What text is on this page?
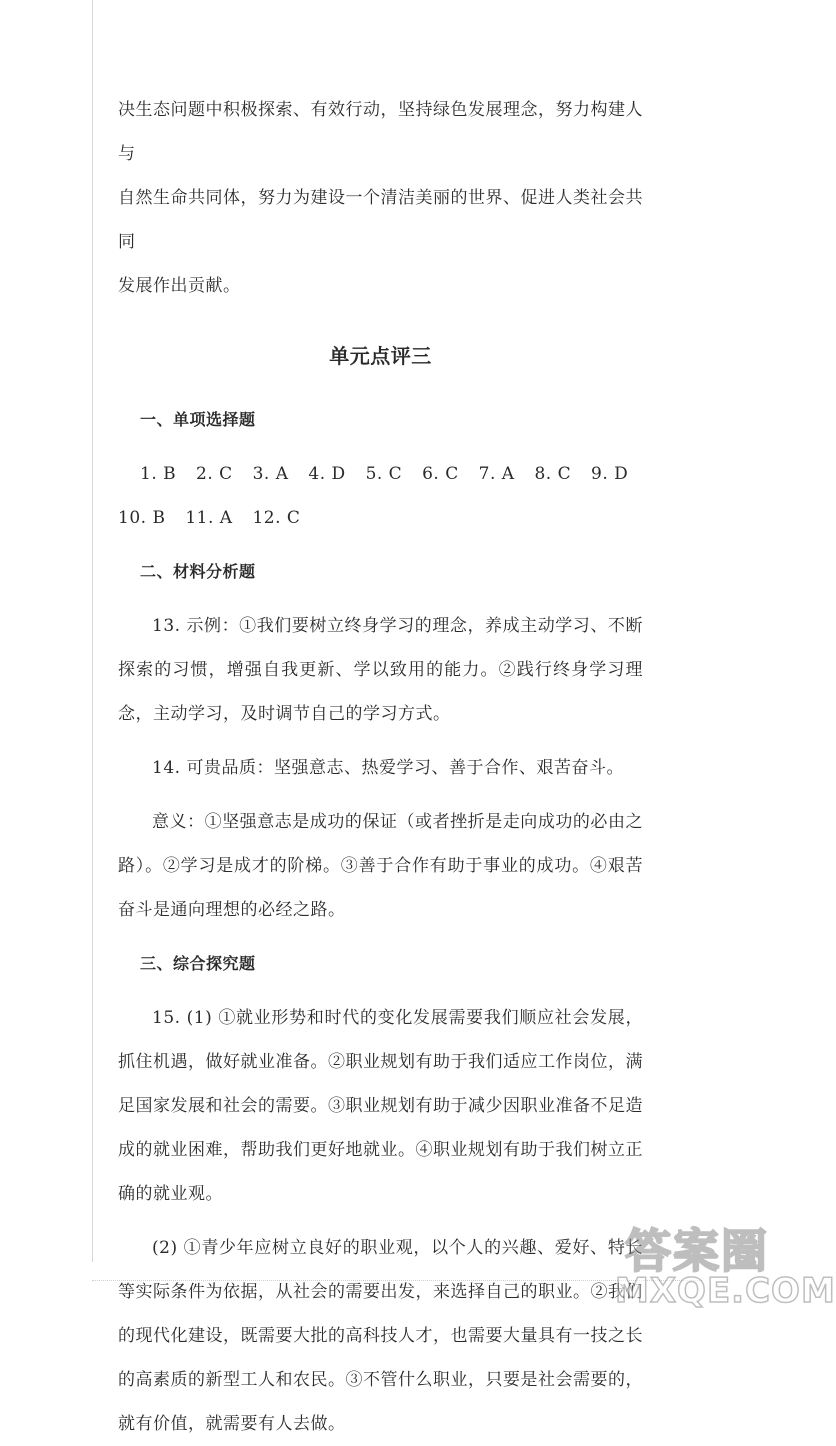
决生态问题中积极探索、有效行动，坚持绿色发展理念，努力构建人与

自然生命共同体，努力为建设一个清洁美丽的世界、促进人类社会共同

发展作出贡献。

单元点评三
一、单项选择题
1. B 2. C 3. A 4. D 5. C 6. C 7. A 8. C 9. D
10. B 11. A 12. C
二、材料分析题

13. 示例：①我们要树立终身学习的理念，养成主动学习、不断探索的习惯，增强自我更新、学以致用的能力。②践行终身学习理念，主动学习，及时调节自己的学习方式。

14. 可贵品质：坚强意志、热爱学习、善于合作、艰苦奋斗。

意义：①坚强意志是成功的保证（或者挫折是走向成功的必由之路）。②学习是成才的阶梯。③善于合作有助于事业的成功。④艰苦奋斗是通向理想的必经之路。

三、综合探究题

15. (1) ①就业形势和时代的变化发展需要我们顺应社会发展，抓住机遇，做好就业准备。②职业规划有助于我们适应工作岗位，满足国家发展和社会的需要。③职业规划有助于减少因职业准备不足造成的就业困难，帮助我们更好地就业。④职业规划有助于我们树立正确的就业观。

(2) ①青少年应树立良好的职业观，以个人的兴趣、爱好、特长等实际条件为依据，从社会的需要出发，来选择自己的职业。②我们的现代化建设，既需要大批的高科技人才，也需要大量具有一技之长的高素质的新型工人和农民。③不管什么职业，只要是社会需要的，就有价值，就需要有人去做。

答案圈
MXQE.COM
